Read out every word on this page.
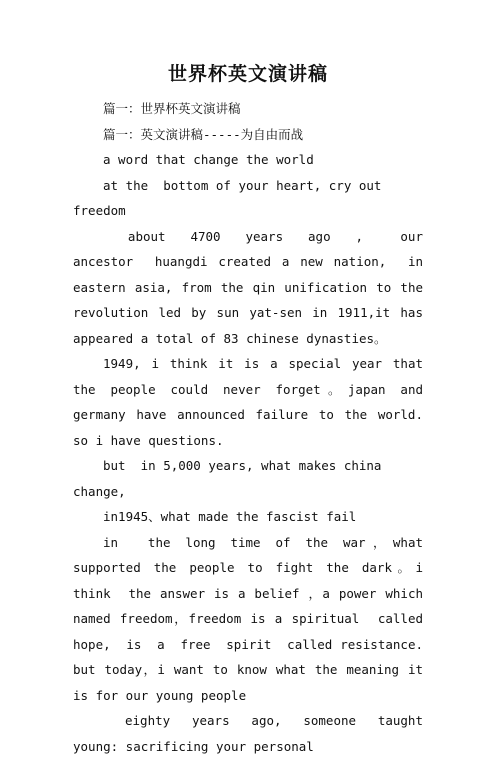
世界杯英文演讲稿

篇一：世界杯英文演讲稿

篇一：英文演讲稿-----为自由而战

a word that change the world

at the  bottom of your heart, cry out freedom

about  4700  years  ago  ,   our  ancestor  huangdi created a new nation,  in eastern asia, from the qin unification to the  revolution led by sun yat-sen in 1911,it has appeared a total of 83 chinese dynasties。

1949, i think it is a special year that the people could never forget。japan and germany have announced failure to the world. so i have questions.

but  in 5,000 years, what makes china change,

in1945、what made the fascist fail

in  the long time of the war，what supported the people to fight the dark。i think  the answer is a belief ，a power which named freedom，freedom is a spiritual  called  hope,  is  a  free  spirit  called resistance. but today，i want to know what the meaning it is for our young people

eighty  years  ago,  someone  taught  young: sacrificing your personal
